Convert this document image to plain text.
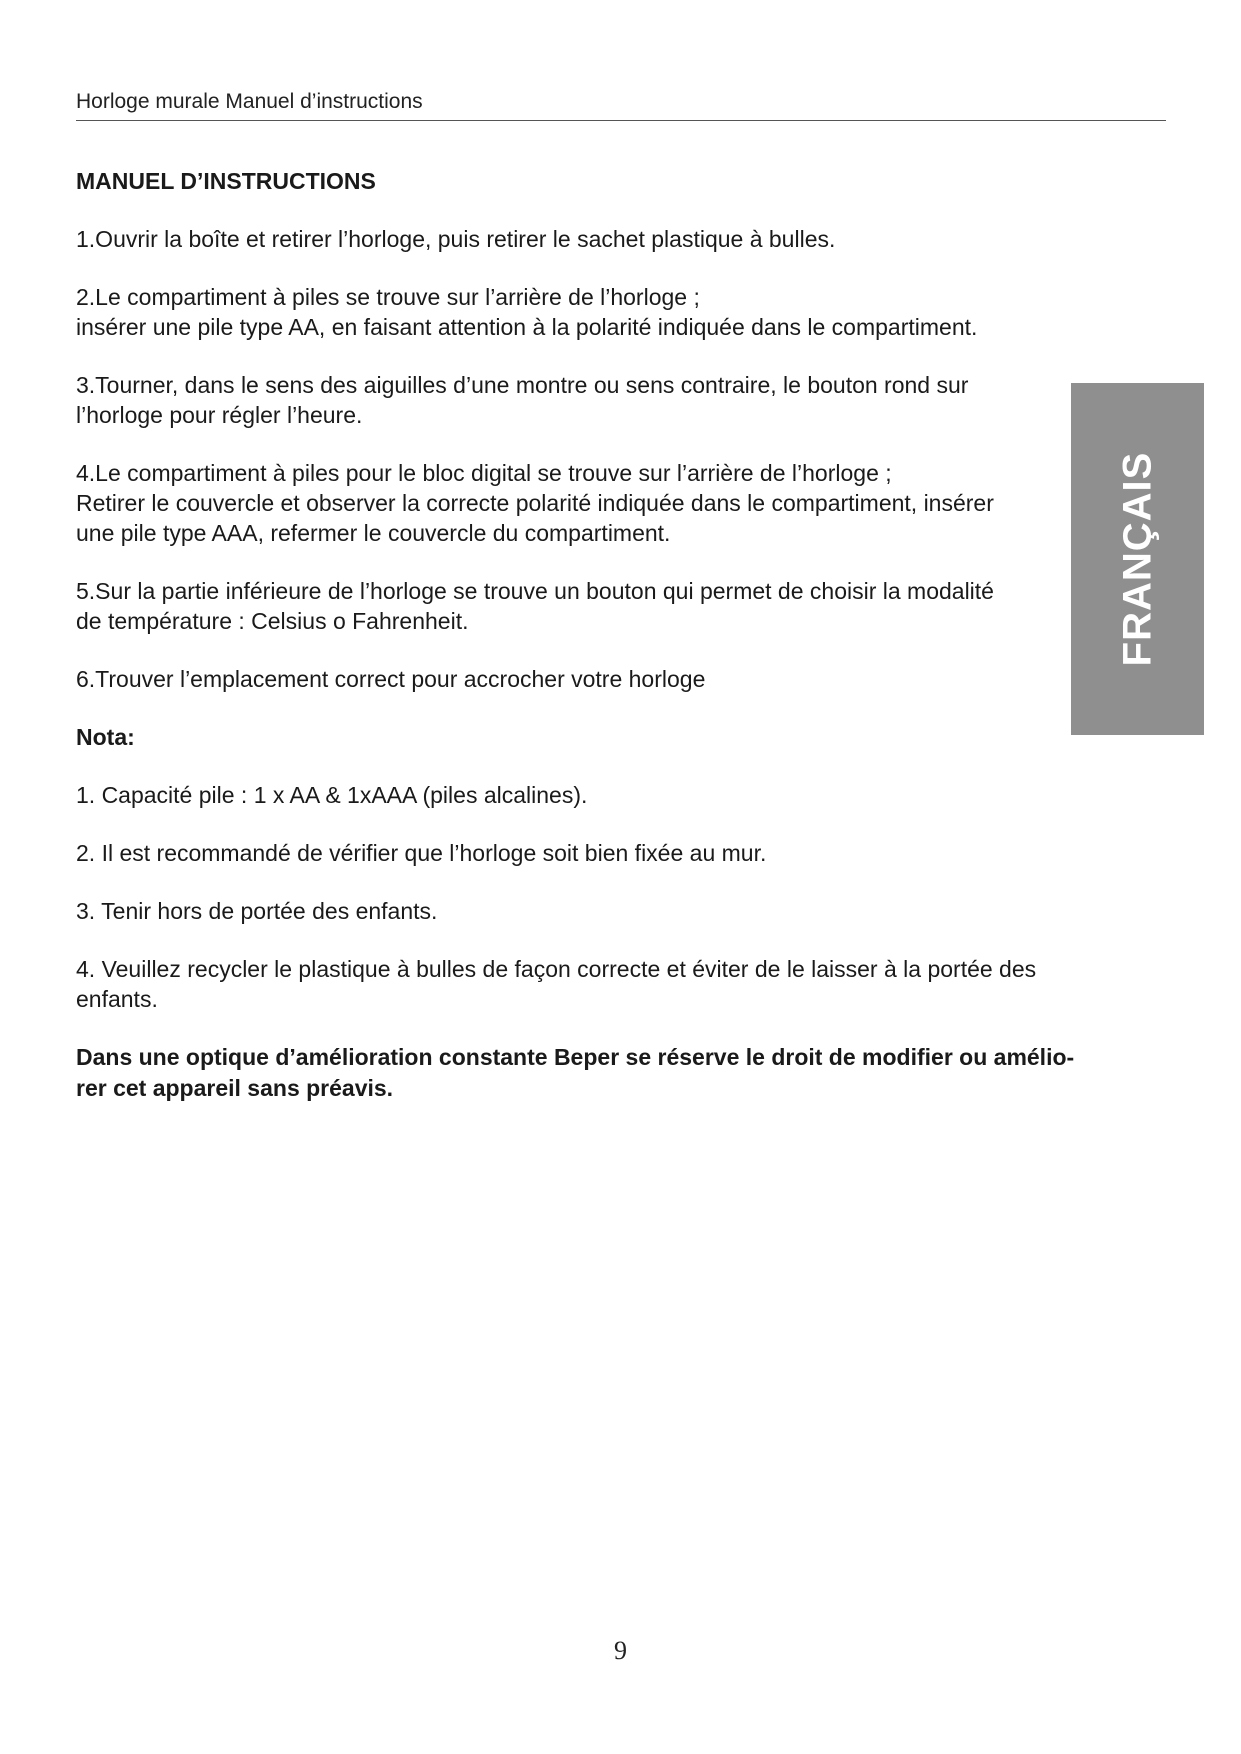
Horloge murale Manuel d’instructions
MANUEL D’INSTRUCTIONS
1.Ouvrir la boîte et retirer l’horloge, puis retirer le sachet plastique à bulles.
2.Le compartiment à piles se trouve sur l’arrière de l’horloge ;
insérer une pile type AA, en faisant attention à la polarité indiquée dans le compartiment.
3.Tourner, dans le sens des aiguilles d’une montre ou sens contraire, le bouton rond sur
l’horloge pour régler l’heure.
4.Le compartiment à piles pour le bloc digital se trouve sur l’arrière de l’horloge ;
Retirer le couvercle et observer la correcte polarité indiquée dans le compartiment, insérer
une pile type AAA, refermer le couvercle du compartiment.
5.Sur la partie inférieure de l’horloge se trouve un bouton qui permet de choisir la modalité
de température : Celsius o Fahrenheit.
6.Trouver l’emplacement correct pour accrocher votre horloge
Nota:
1. Capacité pile : 1 x AA & 1xAAA (piles alcalines).
2. Il est recommandé de vérifier que l’horloge soit bien fixée au mur.
3. Tenir hors de portée des enfants.
4. Veuillez recycler le plastique à bulles de façon correcte et éviter de le laisser à la portée des
enfants.
Dans une optique d’amélioration constante Beper se réserve le droit de modifier ou amélio-
rer cet appareil sans préavis.
FRANÇAIS
9
